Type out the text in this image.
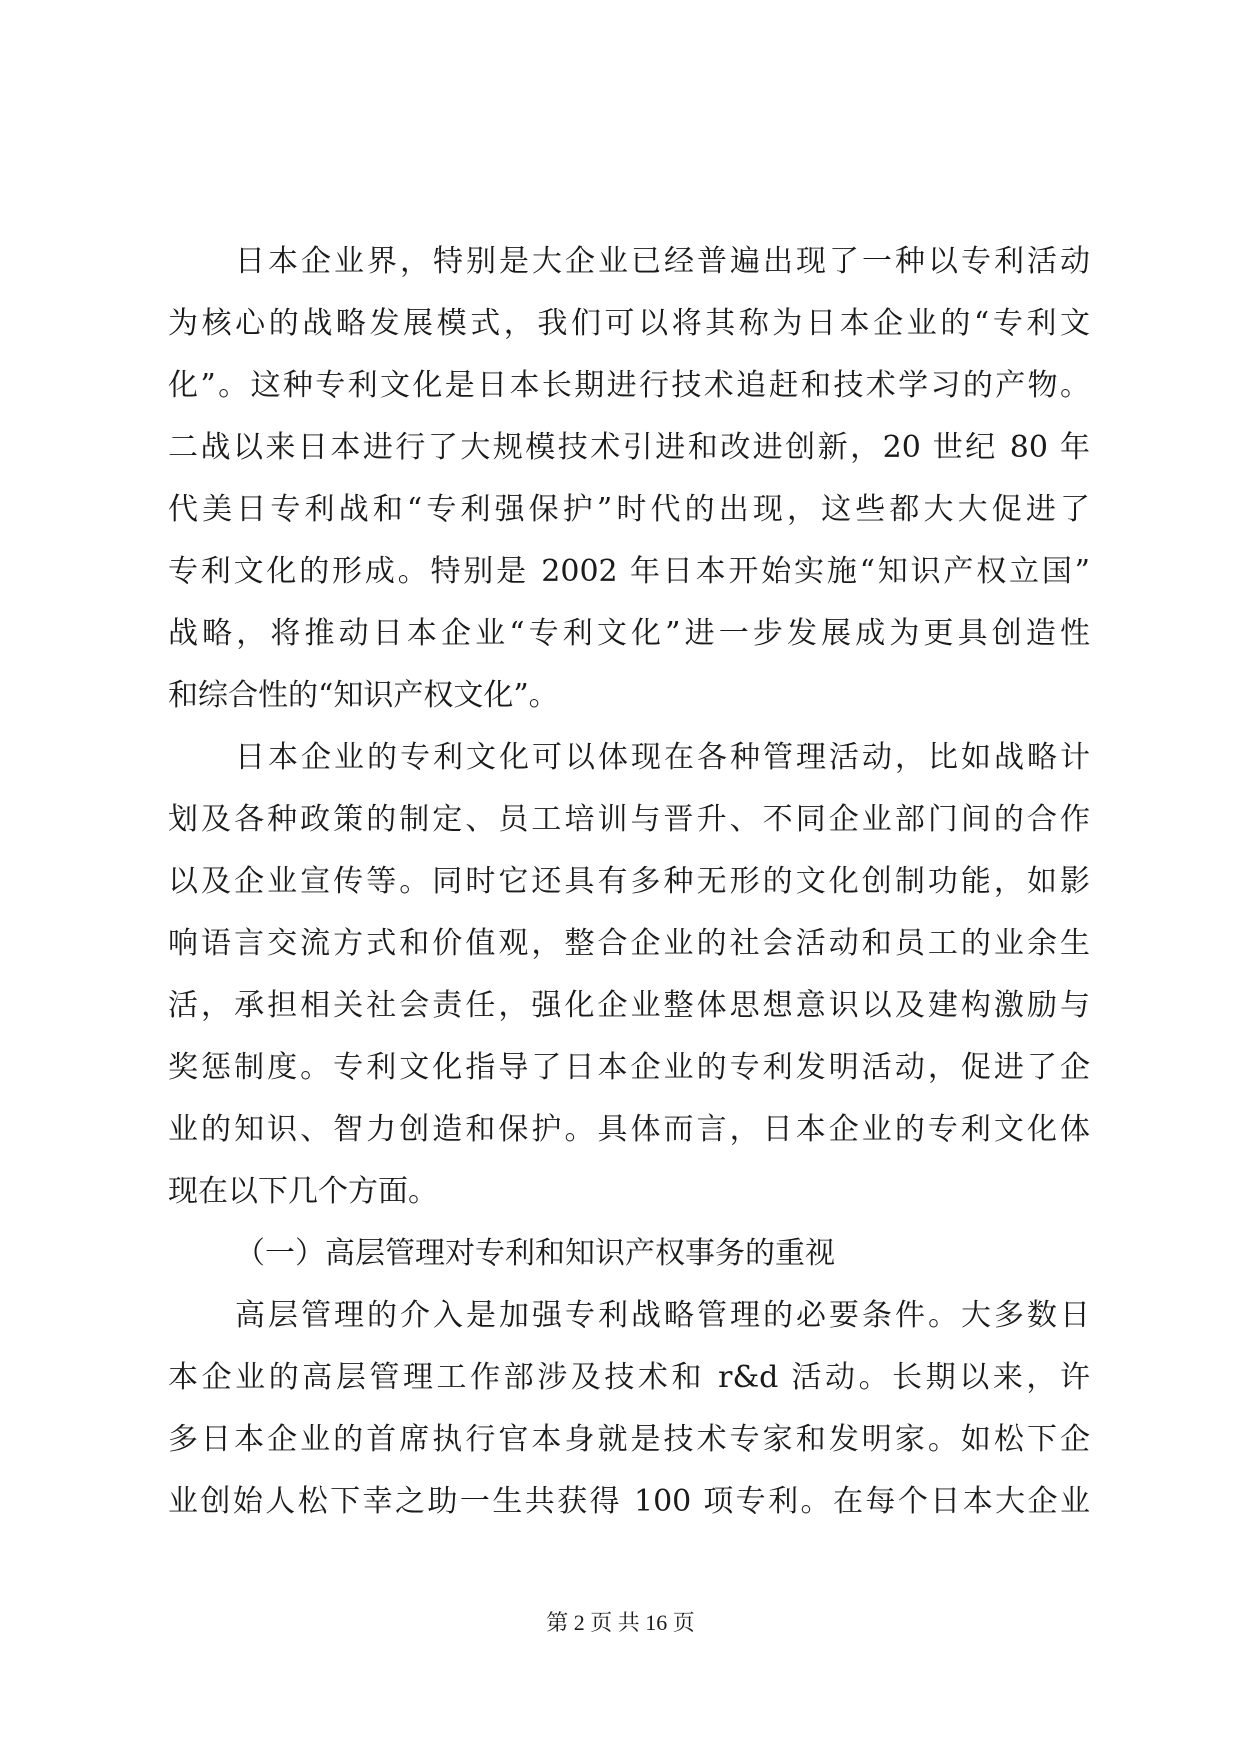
日本企业界，特别是大企业已经普遍出现了一种以专利活动
为核心的战略发展模式，我们可以将其称为日本企业的“专利文
化”。这种专利文化是日本长期进行技术追赶和技术学习的产物。
二战以来日本进行了大规模技术引进和改进创新，20 世纪 80 年
代美日专利战和“专利强保护”时代的出现，这些都大大促进了
专利文化的形成。特别是 2002 年日本开始实施“知识产权立国”
战略，将推动日本企业“专利文化”进一步发展成为更具创造性
和综合性的“知识产权文化”。
日本企业的专利文化可以体现在各种管理活动，比如战略计
划及各种政策的制定、员工培训与晋升、不同企业部门间的合作
以及企业宣传等。同时它还具有多种无形的文化创制功能，如影
响语言交流方式和价值观，整合企业的社会活动和员工的业余生
活，承担相关社会责任，强化企业整体思想意识以及建构激励与
奖惩制度。专利文化指导了日本企业的专利发明活动，促进了企
业的知识、智力创造和保护。具体而言，日本企业的专利文化体
现在以下几个方面。
（一）高层管理对专利和知识产权事务的重视
高层管理的介入是加强专利战略管理的必要条件。大多数日
本企业的高层管理工作部涉及技术和 r&d 活动。长期以来，许
多日本企业的首席执行官本身就是技术专家和发明家。如松下企
业创始人松下幸之助一生共获得 100 项专利。在每个日本大企业
第 2 页 共 16 页
